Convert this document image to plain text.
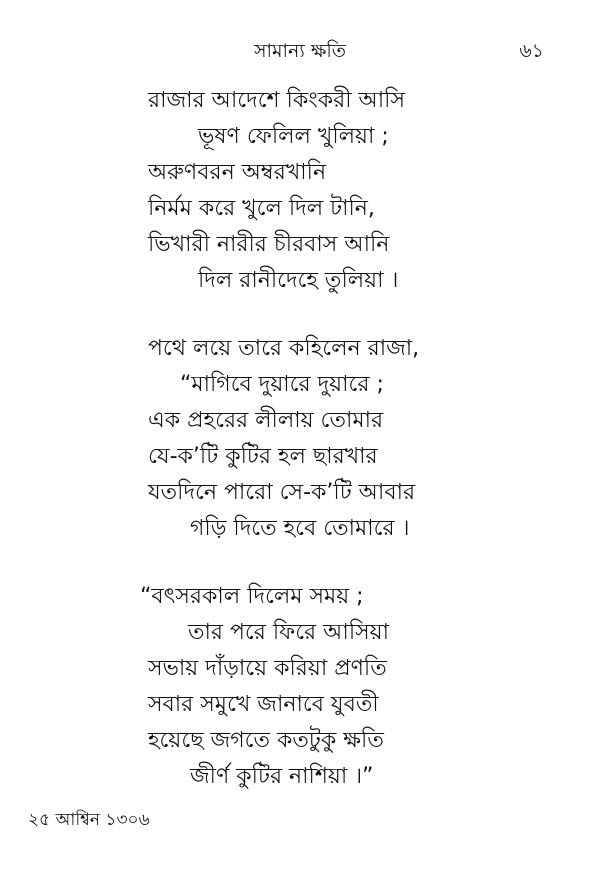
সামান্য ক্ষতি	৬১
রাজার আদেশে কিংকরী আসি
ভূষণ ফেলিল খুলিয়া ;
অরুণবরন অম্বরখানি
নির্মম করে খুলে দিল টানি,
ভিখারী নারীর চীরবাস আনি
দিল রানীদেহে তুলিয়া ।
পথে লয়ে তারে কহিলেন রাজা,
“মাগিবে দুয়ারে দুয়ারে ;
এক প্রহরের লীলায় তোমার
যে-ক’টি কুটির হল ছারখার
যতদিনে পারো সে-ক’টি আবার
গড়ি দিতে হবে তোমারে ।
“বৎসরকাল দিলেম সময় ;
তার পরে ফিরে আসিয়া
সভায় দাঁড়ায়ে করিয়া প্রণতি
সবার সমুখে জানাবে যুবতী
হয়েছে জগতে কতটুকু ক্ষতি
জীর্ণ কুটির নাশিয়া ।”
২৫ আশ্বিন ১৩০৬
